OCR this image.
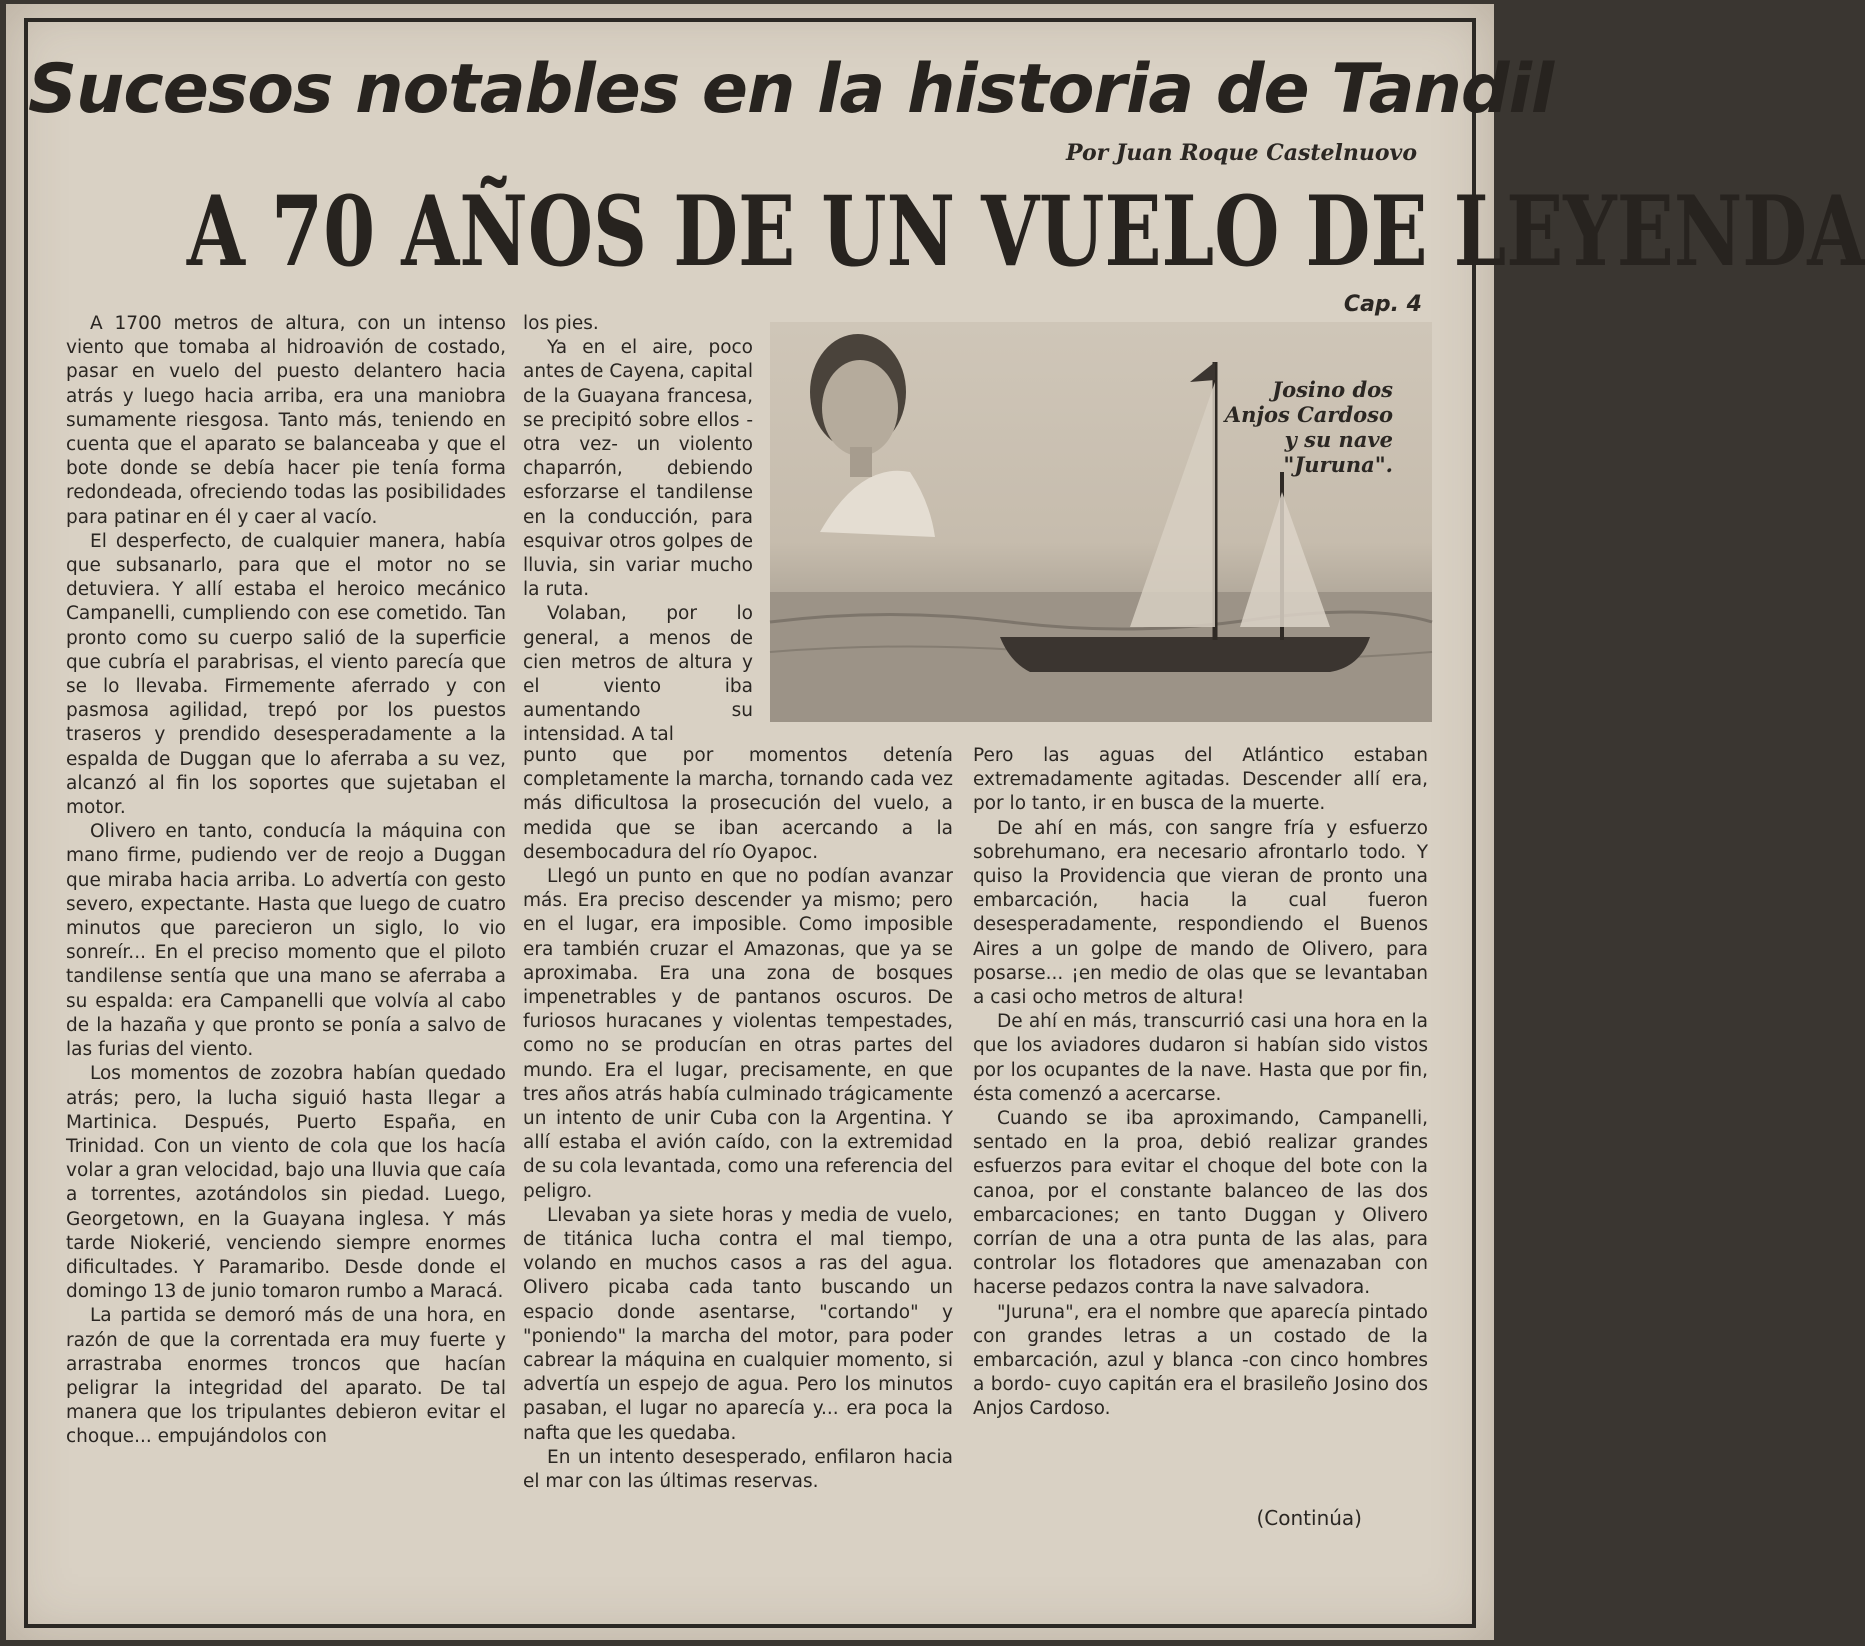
Sucesos notables en la historia de Tandil
Por Juan Roque Castelnuovo
A 70 AÑOS DE UN VUELO DE LEYENDA
Cap. 4

A 1700 metros de altura, con un intenso viento que tomaba al hidroavión de costado, pasar en vuelo del puesto delantero hacia atrás y luego hacia arriba, era una maniobra sumamente riesgosa. Tanto más, teniendo en cuenta que el aparato se balanceaba y que el bote donde se debía hacer pie tenía forma redondeada, ofreciendo todas las posibilidades para patinar en él y caer al vacío.

El desperfecto, de cualquier manera, había que subsanarlo, para que el motor no se detuviera. Y allí estaba el heroico mecánico Campanelli, cumpliendo con ese cometido. Tan pronto como su cuerpo salió de la superficie que cubría el parabrisas, el viento parecía que se lo llevaba. Firmemente aferrado y con pasmosa agilidad, trepó por los puestos traseros y prendido desesperadamente a la espalda de Duggan que lo aferraba a su vez, alcanzó al fin los soportes que sujetaban el motor.

Olivero en tanto, conducía la máquina con mano firme, pudiendo ver de reojo a Duggan que miraba hacia arriba. Lo advertía con gesto severo, expectante. Hasta que luego de cuatro minutos que parecieron un siglo, lo vio sonreír... En el preciso momento que el piloto tandilense sentía que una mano se aferraba a su espalda: era Campanelli que volvía al cabo de la hazaña y que pronto se ponía a salvo de las furias del viento.

Los momentos de zozobra habían quedado atrás; pero, la lucha siguió hasta llegar a Martinica. Después, Puerto España, en Trinidad. Con un viento de cola que los hacía volar a gran velocidad, bajo una lluvia que caía a torrentes, azotándolos sin piedad. Luego, Georgetown, en la Guayana inglesa. Y más tarde Niokerié, venciendo siempre enormes dificultades. Y Paramaribo. Desde donde el domingo 13 de junio tomaron rumbo a Maracá.

La partida se demoró más de una hora, en razón de que la correntada era muy fuerte y arrastraba enormes troncos que hacían peligrar la integridad del aparato. De tal manera que los tripulantes debieron evitar el choque... empujándolos con

los pies.

Ya en el aire, poco antes de Cayena, capital de la Guayana francesa, se precipitó sobre ellos -otra vez- un violento chaparrón, debiendo esforzarse el tandilense en la conducción, para esquivar otros golpes de lluvia, sin variar mucho la ruta.

Volaban, por lo general, a menos de cien metros de altura y el viento iba aumentando su intensidad. A tal

Josino dos Anjos Cardoso y su nave "Juruna".

punto que por momentos detenía completamente la marcha, tornando cada vez más dificultosa la prosecución del vuelo, a medida que se iban acercando a la desembocadura del río Oyapoc.

Llegó un punto en que no podían avanzar más. Era preciso descender ya mismo; pero en el lugar, era imposible. Como imposible era también cruzar el Amazonas, que ya se aproximaba. Era una zona de bosques impenetrables y de pantanos oscuros. De furiosos huracanes y violentas tempestades, como no se producían en otras partes del mundo. Era el lugar, precisamente, en que tres años atrás había culminado trágicamente un intento de unir Cuba con la Argentina. Y allí estaba el avión caído, con la extremidad de su cola levantada, como una referencia del peligro.

Llevaban ya siete horas y media de vuelo, de titánica lucha contra el mal tiempo, volando en muchos casos a ras del agua. Olivero picaba cada tanto buscando un espacio donde asentarse, "cortando" y "poniendo" la marcha del motor, para poder cabrear la máquina en cualquier momento, si advertía un espejo de agua. Pero los minutos pasaban, el lugar no aparecía y... era poca la nafta que les quedaba.

En un intento desesperado, enfilaron hacia el mar con las últimas reservas.

Pero las aguas del Atlántico estaban extremadamente agitadas. Descender allí era, por lo tanto, ir en busca de la muerte.

De ahí en más, con sangre fría y esfuerzo sobrehumano, era necesario afrontarlo todo. Y quiso la Providencia que vieran de pronto una embarcación, hacia la cual fueron desesperadamente, respondiendo el Buenos Aires a un golpe de mando de Olivero, para posarse... ¡en medio de olas que se levantaban a casi ocho metros de altura!

De ahí en más, transcurrió casi una hora en la que los aviadores dudaron si habían sido vistos por los ocupantes de la nave. Hasta que por fin, ésta comenzó a acercarse.

Cuando se iba aproximando, Campanelli, sentado en la proa, debió realizar grandes esfuerzos para evitar el choque del bote con la canoa, por el constante balanceo de las dos embarcaciones; en tanto Duggan y Olivero corrían de una a otra punta de las alas, para controlar los flotadores que amenazaban con hacerse pedazos contra la nave salvadora.

"Juruna", era el nombre que aparecía pintado con grandes letras a un costado de la embarcación, azul y blanca -con cinco hombres a bordo- cuyo capitán era el brasileño Josino dos Anjos Cardoso.

(Continúa)
